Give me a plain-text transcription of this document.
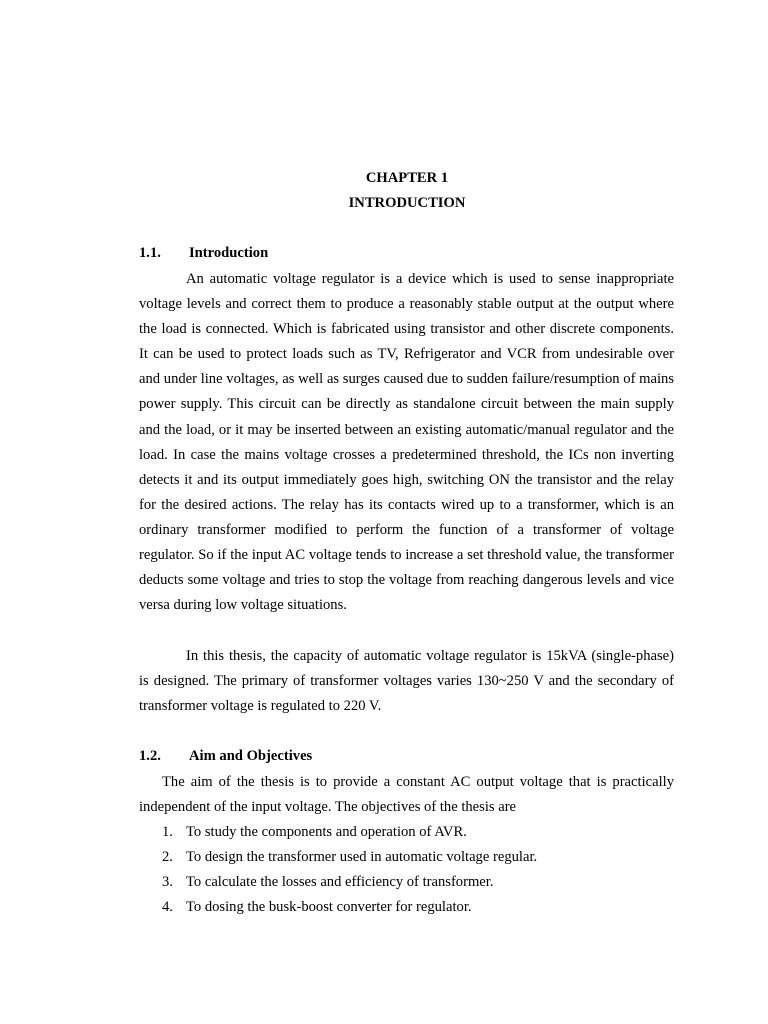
CHAPTER 1
INTRODUCTION
1.1. Introduction

An automatic voltage regulator is a device which is used to sense inappropriate voltage levels and correct them to produce a reasonably stable output at the output where the load is connected. Which is fabricated using transistor and other discrete components. It can be used to protect loads such as TV, Refrigerator and VCR from undesirable over and under line voltages, as well as surges caused due to sudden failure/resumption of mains power supply. This circuit can be directly as standalone circuit between the main supply and the load, or it may be inserted between an existing automatic/manual regulator and the load. In case the mains voltage crosses a predetermined threshold, the ICs non inverting detects it and its output immediately goes high, switching ON the transistor and the relay for the desired actions. The relay has its contacts wired up to a transformer, which is an ordinary transformer modified to perform the function of a transformer of voltage regulator. So if the input AC voltage tends to increase a set threshold value, the transformer deducts some voltage and tries to stop the voltage from reaching dangerous levels and vice versa during low voltage situations.

In this thesis, the capacity of automatic voltage regulator is 15kVA (single-phase) is designed. The primary of transformer voltages varies 130~250 V and the secondary of transformer voltage is regulated to 220 V.

1.2. Aim and Objectives

The aim of the thesis is to provide a constant AC output voltage that is practically independent of the input voltage. The objectives of the thesis are

1. To study the components and operation of AVR.
2. To design the transformer used in automatic voltage regular.
3. To calculate the losses and efficiency of transformer.
4. To dosing the busk-boost converter for regulator.
